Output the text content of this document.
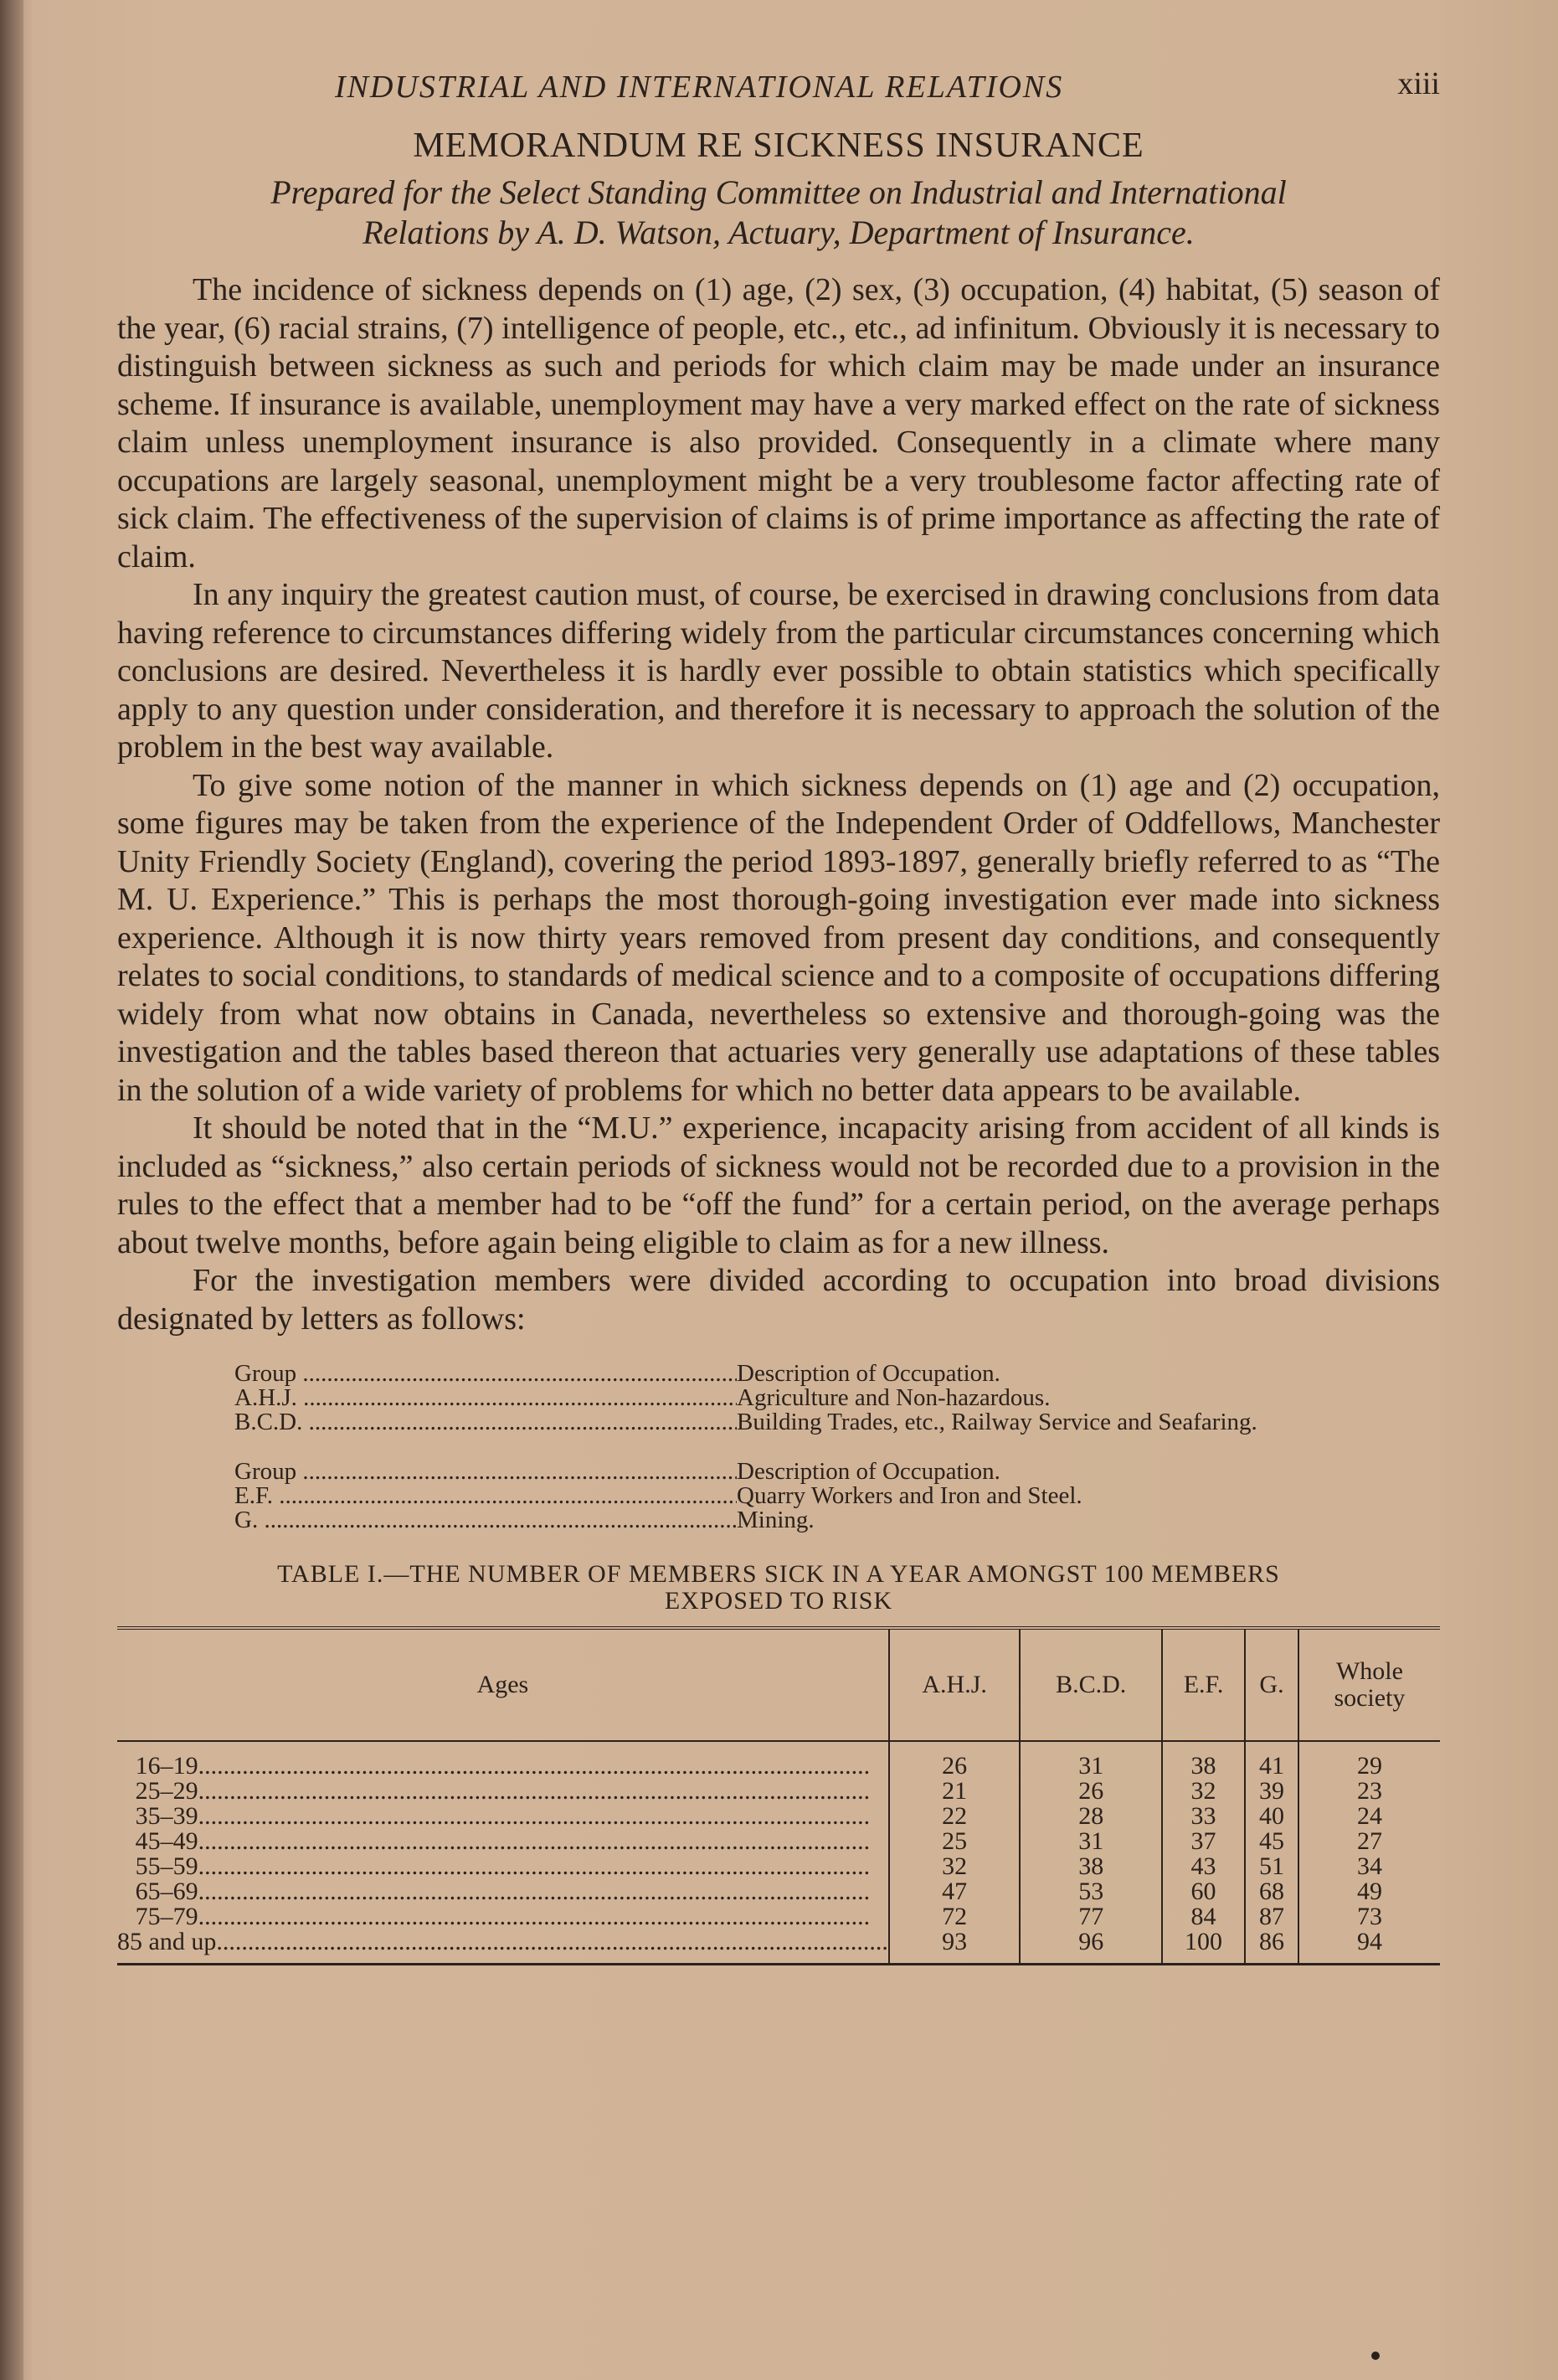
INDUSTRIAL AND INTERNATIONAL RELATIONS	xiii
MEMORANDUM RE SICKNESS INSURANCE
Prepared for the Select Standing Committee on Industrial and International
Relations by A. D. Watson, Actuary, Department of Insurance.

The incidence of sickness depends on (1) age, (2) sex, (3) occupation, (4) habitat, (5) season of the year, (6) racial strains, (7) intelligence of people, etc., etc., ad infinitum. Obviously it is necessary to distinguish between sickness as such and periods for which claim may be made under an insurance scheme. If insurance is available, unemployment may have a very marked effect on the rate of sickness claim unless unemployment insurance is also provided. Consequently in a climate where many occupations are largely seasonal, unemployment might be a very troublesome factor affecting rate of sick claim. The effectiveness of the supervision of claims is of prime importance as affecting the rate of claim.

In any inquiry the greatest caution must, of course, be exercised in drawing conclusions from data having reference to circumstances differing widely from the particular circumstances concerning which conclusions are desired. Nevertheless it is hardly ever possible to obtain statistics which specifically apply to any question under consideration, and therefore it is necessary to approach the solution of the problem in the best way available.

To give some notion of the manner in which sickness depends on (1) age and (2) occupation, some figures may be taken from the experience of the Independent Order of Oddfellows, Manchester Unity Friendly Society (England), covering the period 1893-1897, generally briefly referred to as “The M. U. Experience.” This is perhaps the most thorough-going investigation ever made into sickness experience. Although it is now thirty years removed from present day conditions, and consequently relates to social conditions, to standards of medical science and to a composite of occupations differing widely from what now obtains in Canada, nevertheless so extensive and thorough-going was the investigation and the tables based thereon that actuaries very generally use adaptations of these tables in the solution of a wide variety of problems for which no better data appears to be available.

It should be noted that in the “M.U.” experience, incapacity arising from accident of all kinds is included as “sickness,” also certain periods of sickness would not be recorded due to a provision in the rules to the effect that a member had to be “off the fund” for a certain period, on the average perhaps about twelve months, before again being eligible to claim as for a new illness.

For the investigation members were divided according to occupation into broad divisions designated by letters as follows:

Group .....	Description of Occupation.
A.H.J. .....	Agriculture and Non-hazardous.
B.C.D. .....	Building Trades, etc., Railway Service and Seafaring.
Group .....	Description of Occupation.
E.F. .....	Quarry Workers and Iron and Steel.
G. .....	Mining.
TABLE I.—THE NUMBER OF MEMBERS SICK IN A YEAR AMONGST 100 MEMBERS
EXPOSED TO RISK
Ages	A.H.J.	B.C.D.	E.F.	G.	Whole
society

16–19 .....	26	31	38	41	29
25–29 .....	21	26	32	39	23
35–39 .....	22	28	33	40	24
45–49 .....	25	31	37	45	27
55–59 .....	32	38	43	51	34
65–69 .....	47	53	60	68	49
75–79 .....	72	77	84	87	73
85 and up .....	93	96	100	86	94
